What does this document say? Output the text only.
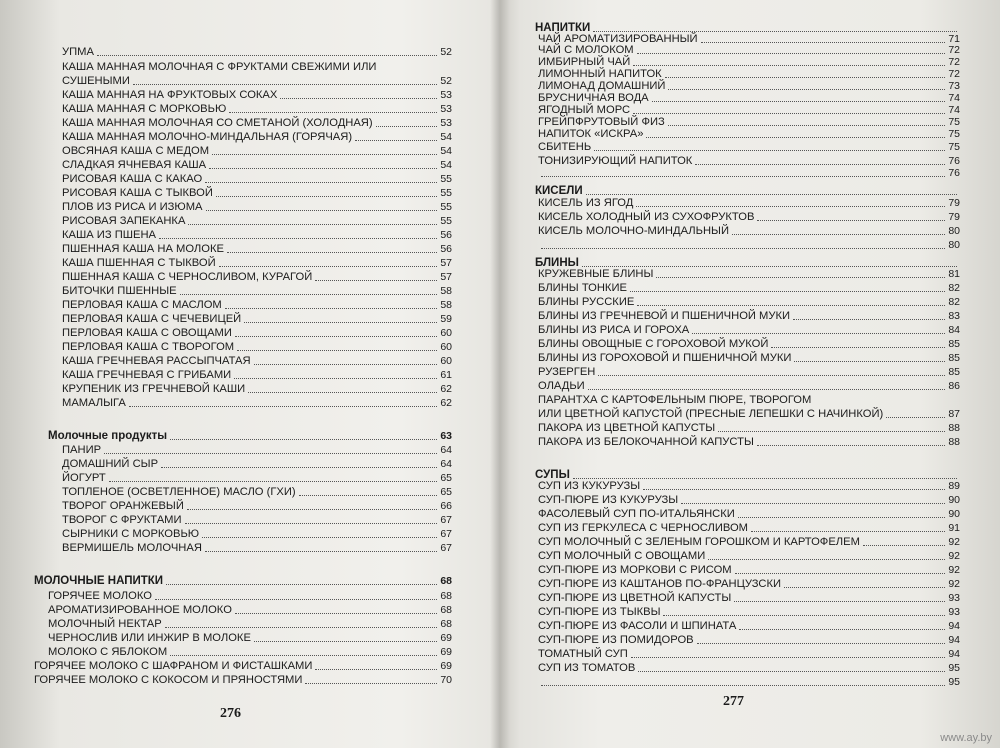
УПМА	52
КАША МАННАЯ МОЛОЧНАЯ С ФРУКТАМИ СВЕЖИМИ ИЛИ
СУШЕНЫМИ	52
КАША МАННАЯ НА ФРУКТОВЫХ СОКАХ	53
КАША МАННАЯ С МОРКОВЬЮ	53
КАША МАННАЯ МОЛОЧНАЯ СО СМЕТАНОЙ (ХОЛОДНАЯ)	53
КАША МАННАЯ МОЛОЧНО-МИНДАЛЬНАЯ (ГОРЯЧАЯ)	54
ОВСЯНАЯ КАША С МЕДОМ	54
СЛАДКАЯ ЯЧНЕВАЯ КАША	54
РИСОВАЯ КАША С КАКАО	55
РИСОВАЯ КАША С ТЫКВОЙ	55
ПЛОВ ИЗ РИСА И ИЗЮМА	55
РИСОВАЯ ЗАПЕКАНКА	55
КАША ИЗ ПШЕНА	56
ПШЕННАЯ КАША НА МОЛОКЕ	56
КАША ПШЕННАЯ С ТЫКВОЙ	57
ПШЕННАЯ КАША С ЧЕРНОСЛИВОМ, КУРАГОЙ	57
БИТОЧКИ ПШЕННЫЕ	58
ПЕРЛОВАЯ КАША С МАСЛОМ	58
ПЕРЛОВАЯ КАША С ЧЕЧЕВИЦЕЙ	59
ПЕРЛОВАЯ КАША С ОВОЩАМИ	60
ПЕРЛОВАЯ КАША С ТВОРОГОМ	60
КАША ГРЕЧНЕВАЯ РАССЫПЧАТАЯ	60
КАША ГРЕЧНЕВАЯ С ГРИБАМИ	61
КРУПЕНИК ИЗ ГРЕЧНЕВОЙ КАШИ	62
МАМАЛЫГА	62
Молочные продукты	63
ПАНИР	64
ДОМАШНИЙ СЫР	64
ЙОГУРТ	65
ТОПЛЕНОЕ (ОСВЕТЛЕННОЕ) МАСЛО (ГХИ)	65
ТВОРОГ ОРАНЖЕВЫЙ	66
ТВОРОГ С ФРУКТАМИ	67
СЫРНИКИ С МОРКОВЬЮ	67
ВЕРМИШЕЛЬ МОЛОЧНАЯ	67
МОЛОЧНЫЕ НАПИТКИ	68
ГОРЯЧЕЕ МОЛОКО	68
АРОМАТИЗИРОВАННОЕ МОЛОКО	68
МОЛОЧНЫЙ НЕКТАР	68
ЧЕРНОСЛИВ ИЛИ ИНЖИР В МОЛОКЕ	69
МОЛОКО С ЯБЛОКОМ	69
ГОРЯЧЕЕ МОЛОКО С ШАФРАНОМ И ФИСТАШКАМИ	69
ГОРЯЧЕЕ МОЛОКО С КОКОСОМ И ПРЯНОСТЯМИ	70
276
НАПИТКИ
ЧАЙ АРОМАТИЗИРОВАННЫЙ	71
ЧАЙ С МОЛОКОМ	72
ИМБИРНЫЙ ЧАЙ	72
ЛИМОННЫЙ НАПИТОК	72
ЛИМОНАД ДОМАШНИЙ	73
БРУСНИЧНАЯ ВОДА	74
ЯГОДНЫЙ МОРС	74
ГРЕЙПФРУТОВЫЙ ФИЗ	75
НАПИТОК «ИСКРА»	75
СБИТЕНЬ	75
ТОНИЗИРУЮЩИЙ НАПИТОК	76
76
КИСЕЛИ
КИСЕЛЬ ИЗ ЯГОД	79
КИСЕЛЬ ХОЛОДНЫЙ ИЗ СУХОФРУКТОВ	79
КИСЕЛЬ МОЛОЧНО-МИНДАЛЬНЫЙ	80
80
БЛИНЫ
КРУЖЕВНЫЕ БЛИНЫ	81
БЛИНЫ ТОНКИЕ	82
БЛИНЫ РУССКИЕ	82
БЛИНЫ ИЗ ГРЕЧНЕВОЙ И ПШЕНИЧНОЙ МУКИ	83
БЛИНЫ ИЗ РИСА И ГОРОХА	84
БЛИНЫ ОВОЩНЫЕ С ГОРОХОВОЙ МУКОЙ	85
БЛИНЫ ИЗ ГОРОХОВОЙ И ПШЕНИЧНОЙ МУКИ	85
РУЗЕРГЕН	85
ОЛАДЬИ	86
ПАРАНТХА С КАРТОФЕЛЬНЫМ ПЮРЕ, ТВОРОГОМ
ИЛИ ЦВЕТНОЙ КАПУСТОЙ (ПРЕСНЫЕ ЛЕПЕШКИ С НАЧИНКОЙ)	87
ПАКОРА ИЗ ЦВЕТНОЙ КАПУСТЫ	88
ПАКОРА ИЗ БЕЛОКОЧАННОЙ КАПУСТЫ	88
СУПЫ
СУП ИЗ КУКУРУЗЫ	89
СУП-ПЮРЕ ИЗ КУКУРУЗЫ	90
ФАСОЛЕВЫЙ СУП ПО-ИТАЛЬЯНСКИ	90
СУП ИЗ ГЕРКУЛЕСА С ЧЕРНОСЛИВОМ	91
СУП МОЛОЧНЫЙ С ЗЕЛЕНЫМ ГОРОШКОМ И КАРТОФЕЛЕМ	92
СУП МОЛОЧНЫЙ С ОВОЩАМИ	92
СУП-ПЮРЕ ИЗ МОРКОВИ С РИСОМ	92
СУП-ПЮРЕ ИЗ КАШТАНОВ ПО-ФРАНЦУЗСКИ	92
СУП-ПЮРЕ ИЗ ЦВЕТНОЙ КАПУСТЫ	93
СУП-ПЮРЕ ИЗ ТЫКВЫ	93
СУП-ПЮРЕ ИЗ ФАСОЛИ И ШПИНАТА	94
СУП-ПЮРЕ ИЗ ПОМИДОРОВ	94
ТОМАТНЫЙ СУП	94
СУП ИЗ ТОМАТОВ	95
95
277
www.ay.by
